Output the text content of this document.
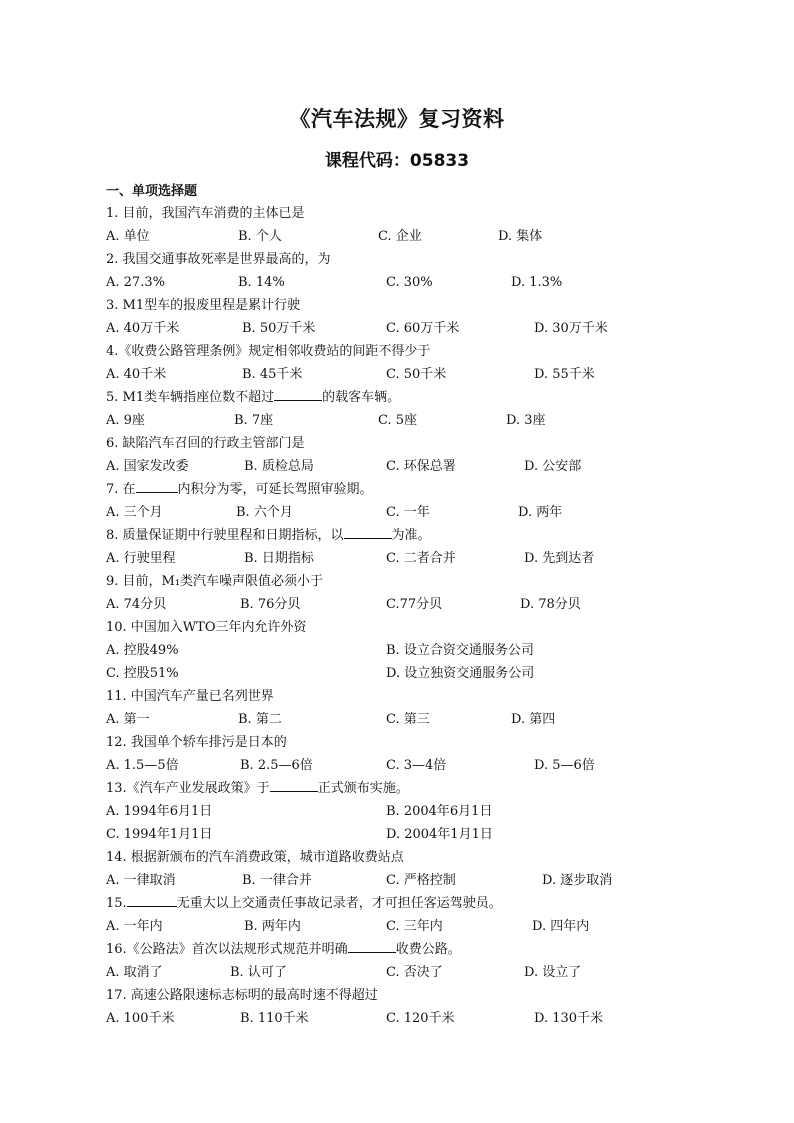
《汽车法规》复习资料
课程代码：05833
一、单项选择题
1. 目前，我国汽车消费的主体已是
A. 单位	B. 个人	C. 企业	D. 集体
2. 我国交通事故死率是世界最高的，为
A. 27.3%	B. 14%	C. 30%	D. 1.3%
3. M1型车的报废里程是累计行驶
A. 40万千米	B. 50万千米	C. 60万千米	D. 30万千米
4.《收费公路管理条例》规定相邻收费站的间距不得少于
A. 40千米	B. 45千米	C. 50千米	D. 55千米
5. M1类车辆指座位数不超过	的载客车辆。
A. 9座	B. 7座	C. 5座	D. 3座
6. 缺陷汽车召回的行政主管部门是
A. 国家发改委	B. 质检总局	C. 环保总署	D. 公安部
7. 在	内积分为零，可延长驾照审验期。
A. 三个月	B. 六个月	C. 一年	D. 两年
8. 质量保证期中行驶里程和日期指标，以	为准。
A. 行驶里程	B. 日期指标	C. 二者合并	D. 先到达者
9. 目前，M₁类汽车噪声限值必须小于
A. 74分贝	B. 76分贝	C.77分贝	D. 78分贝
10. 中国加入WTO三年内允许外资
A. 控股49%	B. 设立合资交通服务公司
C. 控股51%	D. 设立独资交通服务公司
11. 中国汽车产量已名列世界
A. 第一	B. 第二	C. 第三	D. 第四
12. 我国单个轿车排污是日本的
A. 1.5—5倍	B. 2.5—6倍	C. 3—4倍	D. 5—6倍
13.《汽车产业发展政策》于	正式颁布实施。
A. 1994年6月1日	B. 2004年6月1日
C. 1994年1月1日	D. 2004年1月1日
14. 根据新颁布的汽车消费政策，城市道路收费站点
A. 一律取消	B. 一律合并	C. 严格控制	D. 逐步取消
15.	无重大以上交通责任事故记录者，才可担任客运驾驶员。
A. 一年内	B. 两年内	C. 三年内	D. 四年内
16.《公路法》首次以法规形式规范并明确	收费公路。
A. 取消了	B. 认可了	C. 否决了	D. 设立了
17. 高速公路限速标志标明的最高时速不得超过
A. 100千米	B. 110千米	C. 120千米	D. 130千米
